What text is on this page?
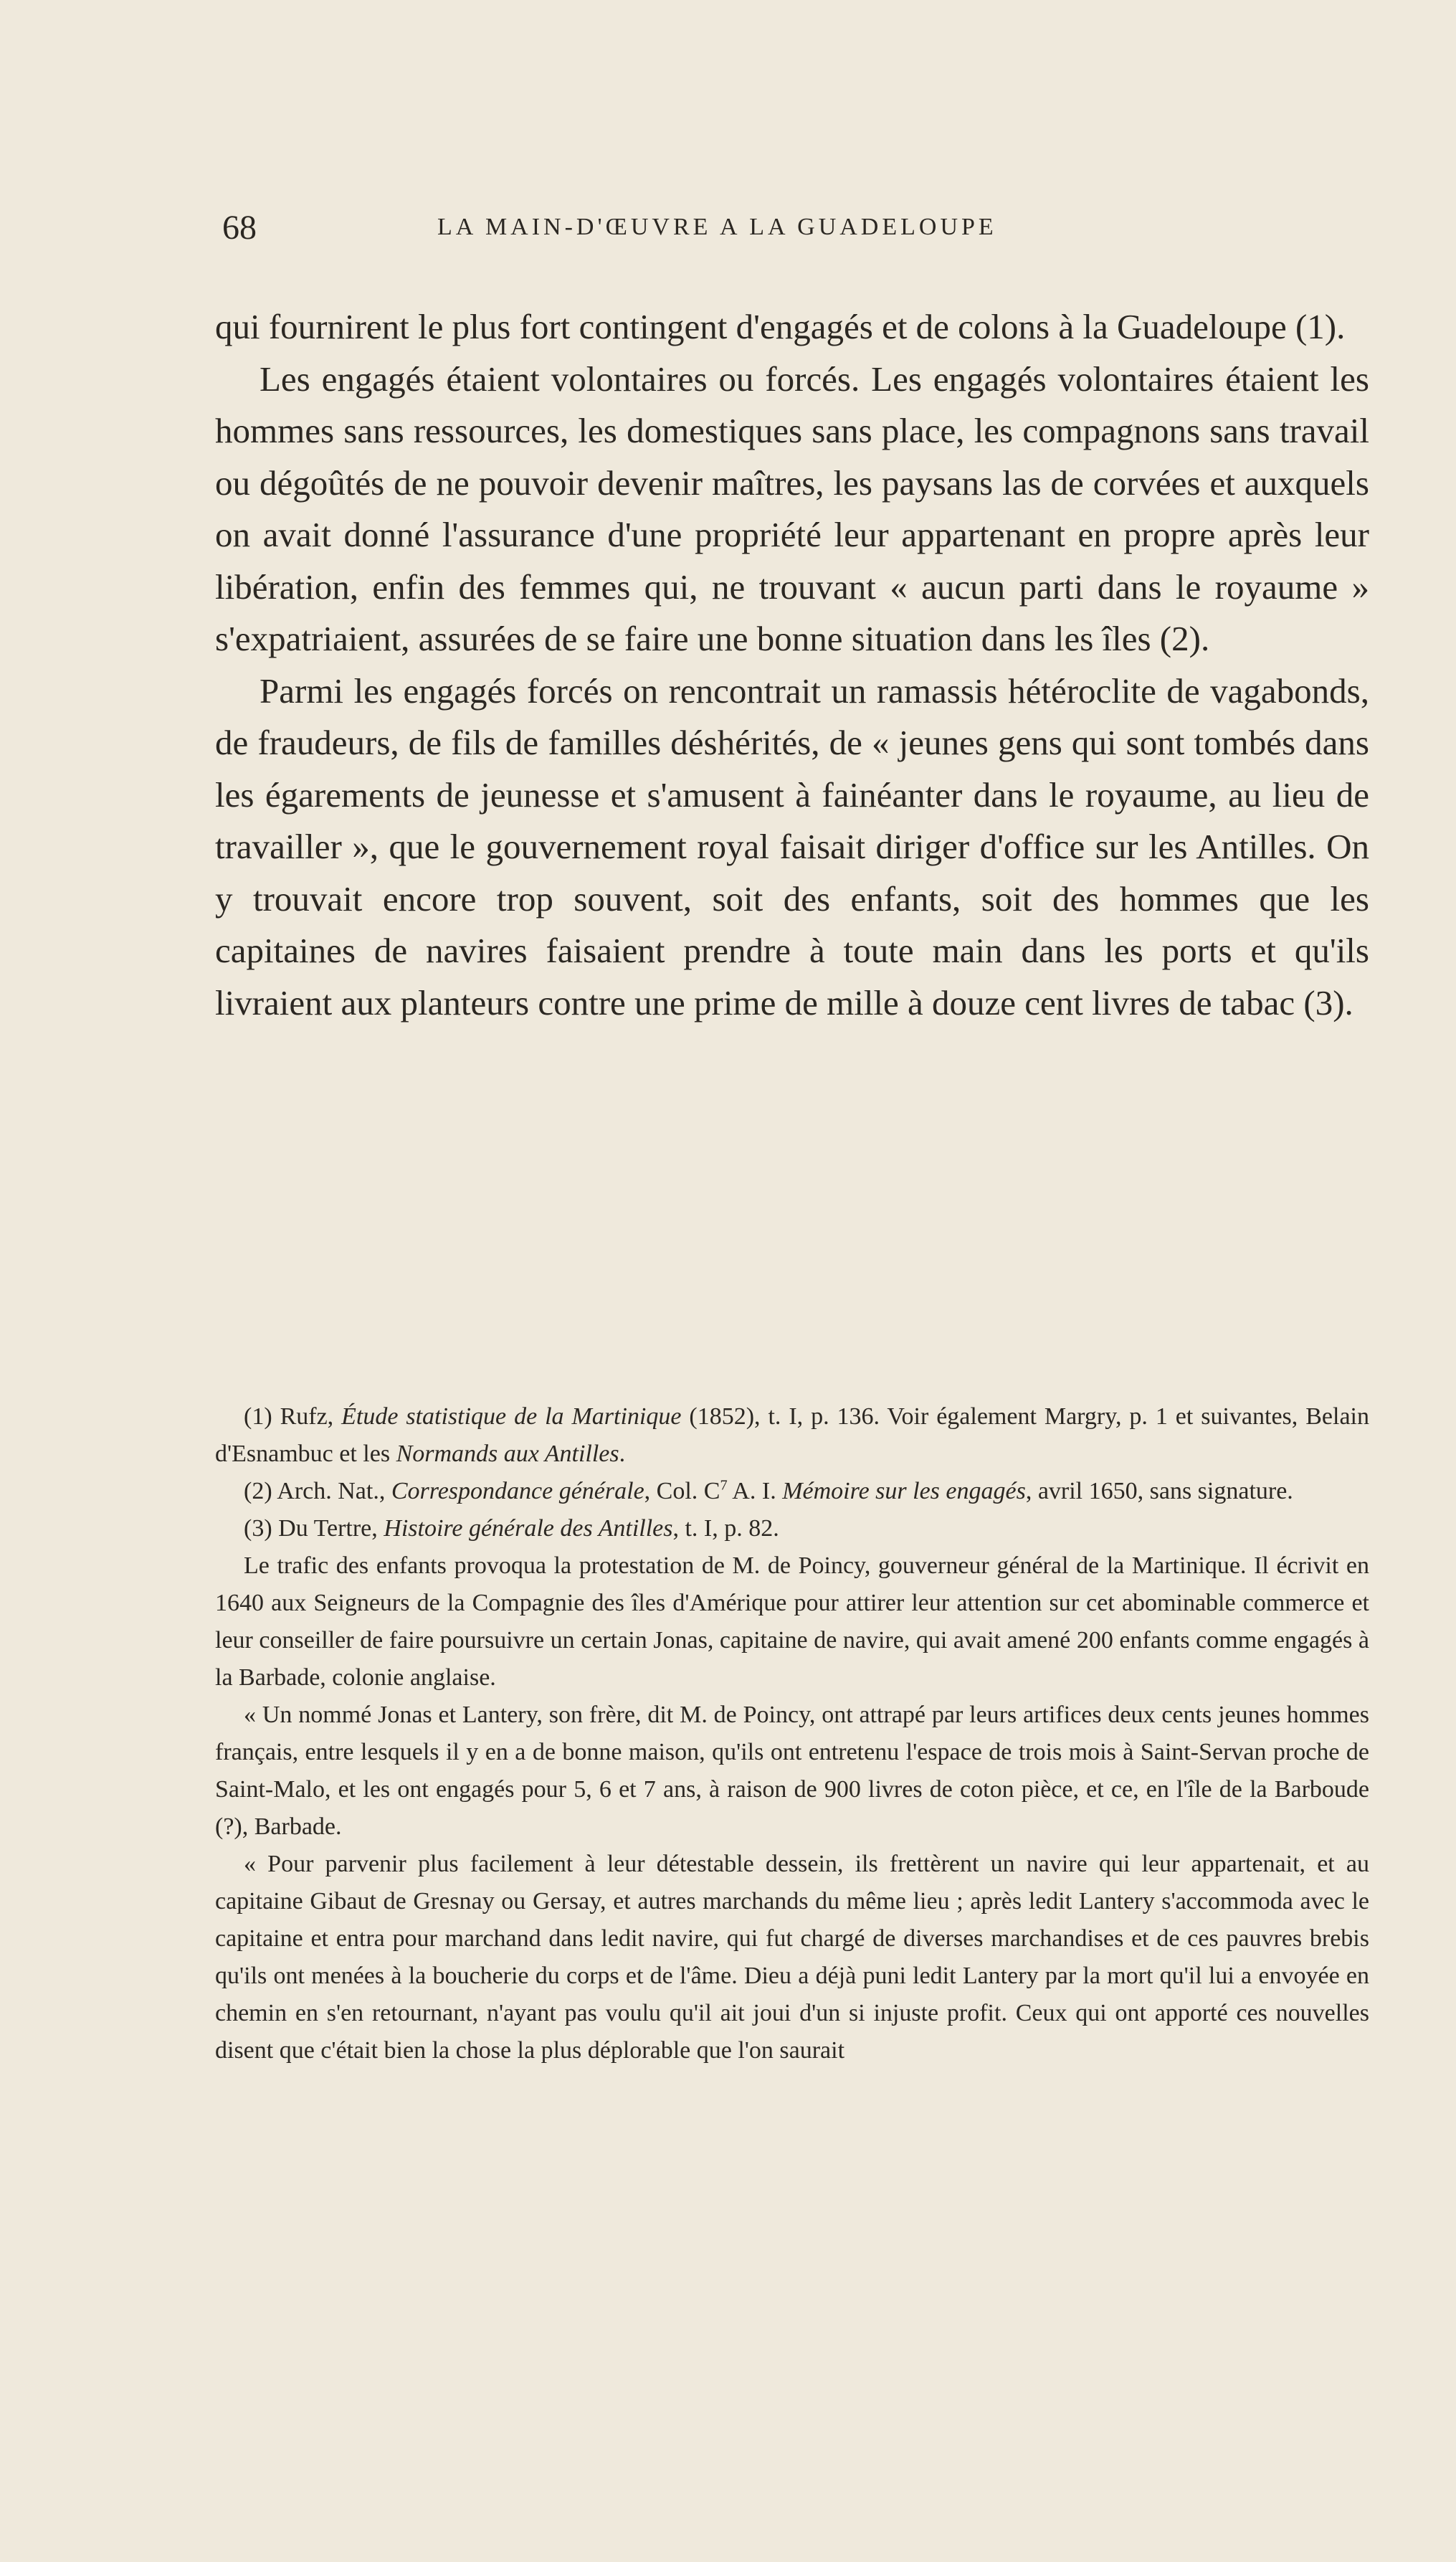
68	LA MAIN-D'ŒUVRE A LA GUADELOUPE

qui fournirent le plus fort contingent d'engagés et de colons à la Guadeloupe (1).

Les engagés étaient volontaires ou forcés. Les engagés volontaires étaient les hommes sans ressources, les domestiques sans place, les compagnons sans travail ou dégoûtés de ne pouvoir devenir maîtres, les paysans las de corvées et auxquels on avait donné l'assurance d'une propriété leur appartenant en propre après leur libération, enfin des femmes qui, ne trouvant « aucun parti dans le royaume » s'expatriaient, assurées de se faire une bonne situation dans les îles (2).

Parmi les engagés forcés on rencontrait un ramassis hétéroclite de vagabonds, de fraudeurs, de fils de familles déshérités, de « jeunes gens qui sont tombés dans les égarements de jeunesse et s'amusent à fainéanter dans le royaume, au lieu de travailler », que le gouvernement royal faisait diriger d'office sur les Antilles. On y trouvait encore trop souvent, soit des enfants, soit des hommes que les capitaines de navires faisaient prendre à toute main dans les ports et qu'ils livraient aux planteurs contre une prime de mille à douze cent livres de tabac (3).

(1) Rufz, Étude statistique de la Martinique (1852), t. I, p. 136. Voir également Margry, p. 1 et suivantes, Belain d'Esnambuc et les Normands aux Antilles.

(2) Arch. Nat., Correspondance générale, Col. $C^7$ A. I. Mémoire sur les engagés, avril 1650, sans signature.

(3) Du Tertre, Histoire générale des Antilles, t. I, p. 82.

Le trafic des enfants provoqua la protestation de M. de Poincy, gouverneur général de la Martinique. Il écrivit en 1640 aux Seigneurs de la Compagnie des îles d'Amérique pour attirer leur attention sur cet abominable commerce et leur conseiller de faire poursuivre un certain Jonas, capitaine de navire, qui avait amené 200 enfants comme engagés à la Barbade, colonie anglaise.

« Un nommé Jonas et Lantery, son frère, dit M. de Poincy, ont attrapé par leurs artifices deux cents jeunes hommes français, entre lesquels il y en a de bonne maison, qu'ils ont entretenu l'espace de trois mois à Saint-Servan proche de Saint-Malo, et les ont engagés pour 5, 6 et 7 ans, à raison de 900 livres de coton pièce, et ce, en l'île de la Barboude (?), Barbade.

« Pour parvenir plus facilement à leur détestable dessein, ils frettèrent un navire qui leur appartenait, et au capitaine Gibaut de Gresnay ou Gersay, et autres marchands du même lieu ; après ledit Lantery s'accommoda avec le capitaine et entra pour marchand dans ledit navire, qui fut chargé de diverses marchandises et de ces pauvres brebis qu'ils ont menées à la boucherie du corps et de l'âme. Dieu a déjà puni ledit Lantery par la mort qu'il lui a envoyée en chemin en s'en retournant, n'ayant pas voulu qu'il ait joui d'un si injuste profit. Ceux qui ont apporté ces nouvelles disent que c'était bien la chose la plus déplorable que l'on saurait
